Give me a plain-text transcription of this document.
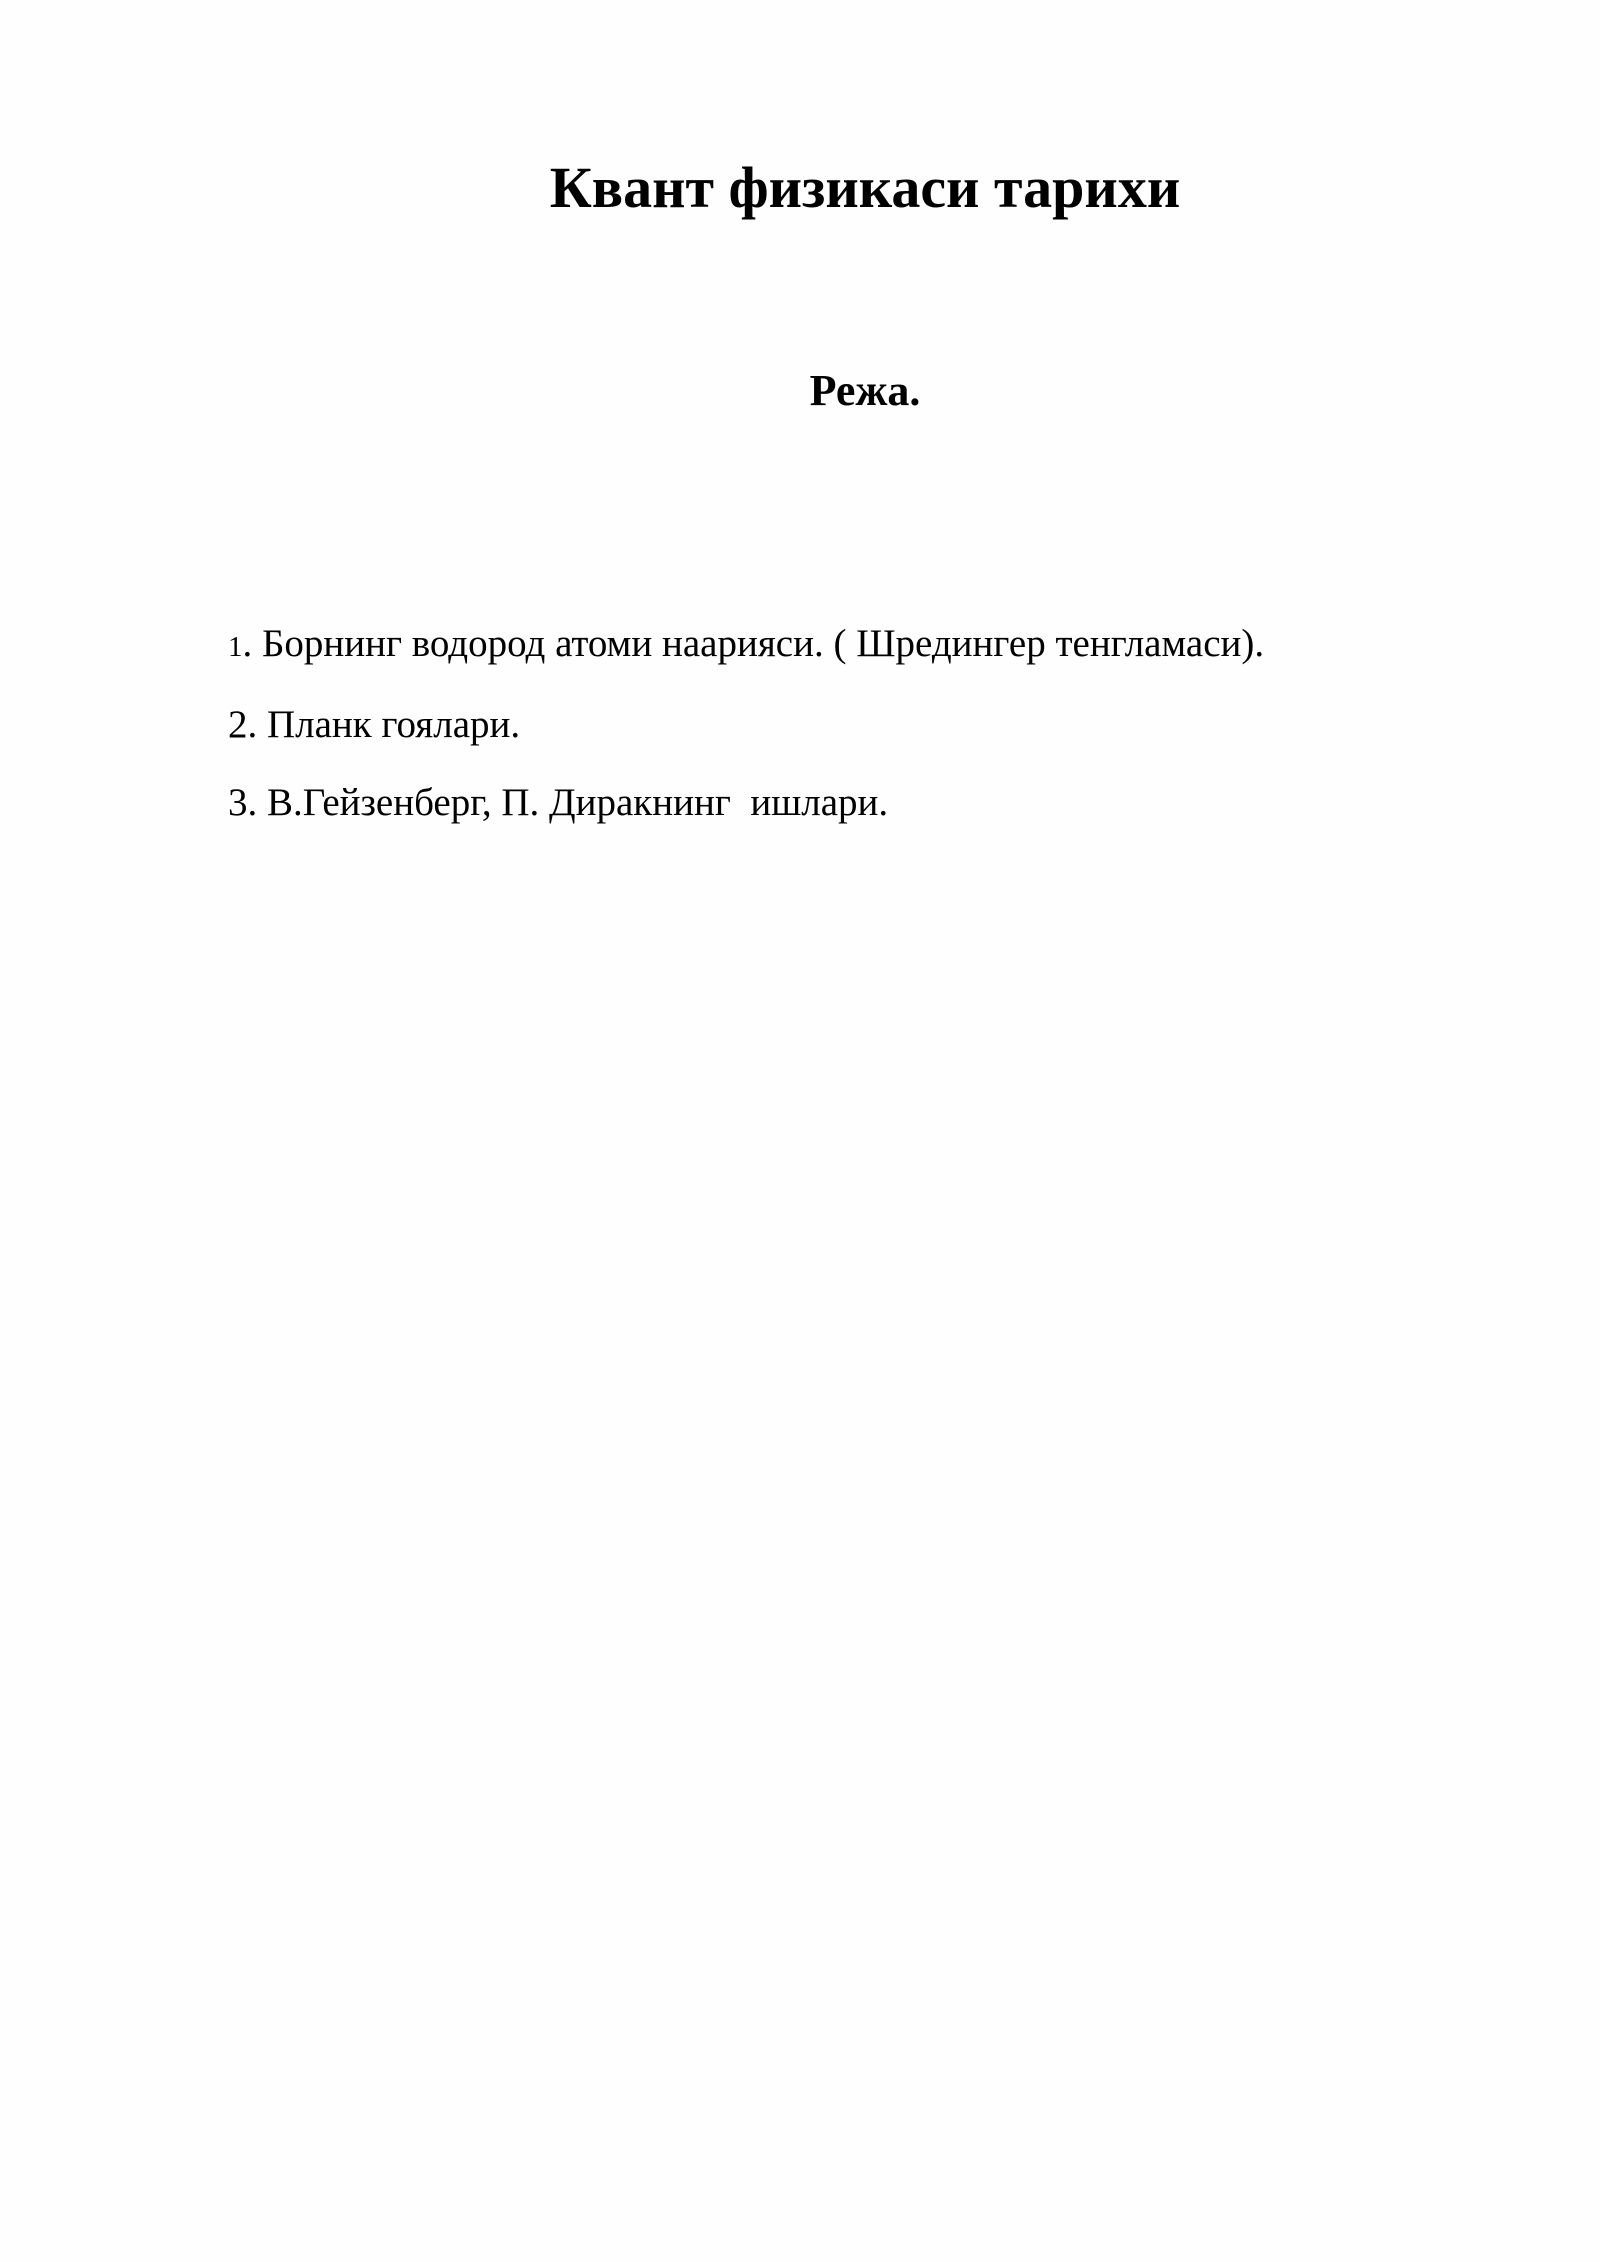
Квант физикаси тарихи
Режа.
1. Борнинг водород атоми наарияси. ( Шредингер тенгламаси).
2. Планк гоялари.
3. В.Гейзенберг, П. Диракнинг  ишлари.
